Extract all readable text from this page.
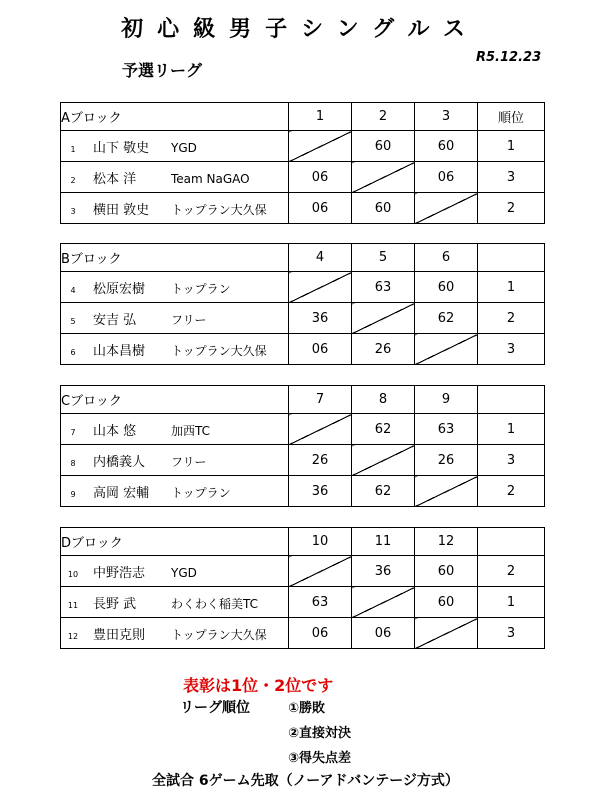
初心級男子シングルス
予選リーグ
R5.12.23
Aブロック	1	2	3	順位
1 山下 敬史 YGD		60	60	1
2 松本 洋 Team NaGAO	06		06	3
3 横田 敦史 トップラン大久保	06	60		2
Bブロック	4	5	6	
4 松原宏樹 トップラン		63	60	1
5 安吉 弘 フリー	36		62	2
6 山本昌樹 トップラン大久保	06	26		3
Cブロック	7	8	9	
7 山本 悠 加西TC		62	63	1
8 内橋義人 フリー	26		26	3
9 高岡 宏輔 トップラン	36	62		2
Dブロック	10	11	12	
10 中野浩志 YGD		36	60	2
11 長野 武 わくわく稲美TC	63		60	1
12 豊田克則 トップラン大久保	06	06		3
表彰は1位・2位です
リーグ順位	①勝敗
②直接対決
③得失点差
全試合 6ゲーム先取（ノーアドバンテージ方式）
